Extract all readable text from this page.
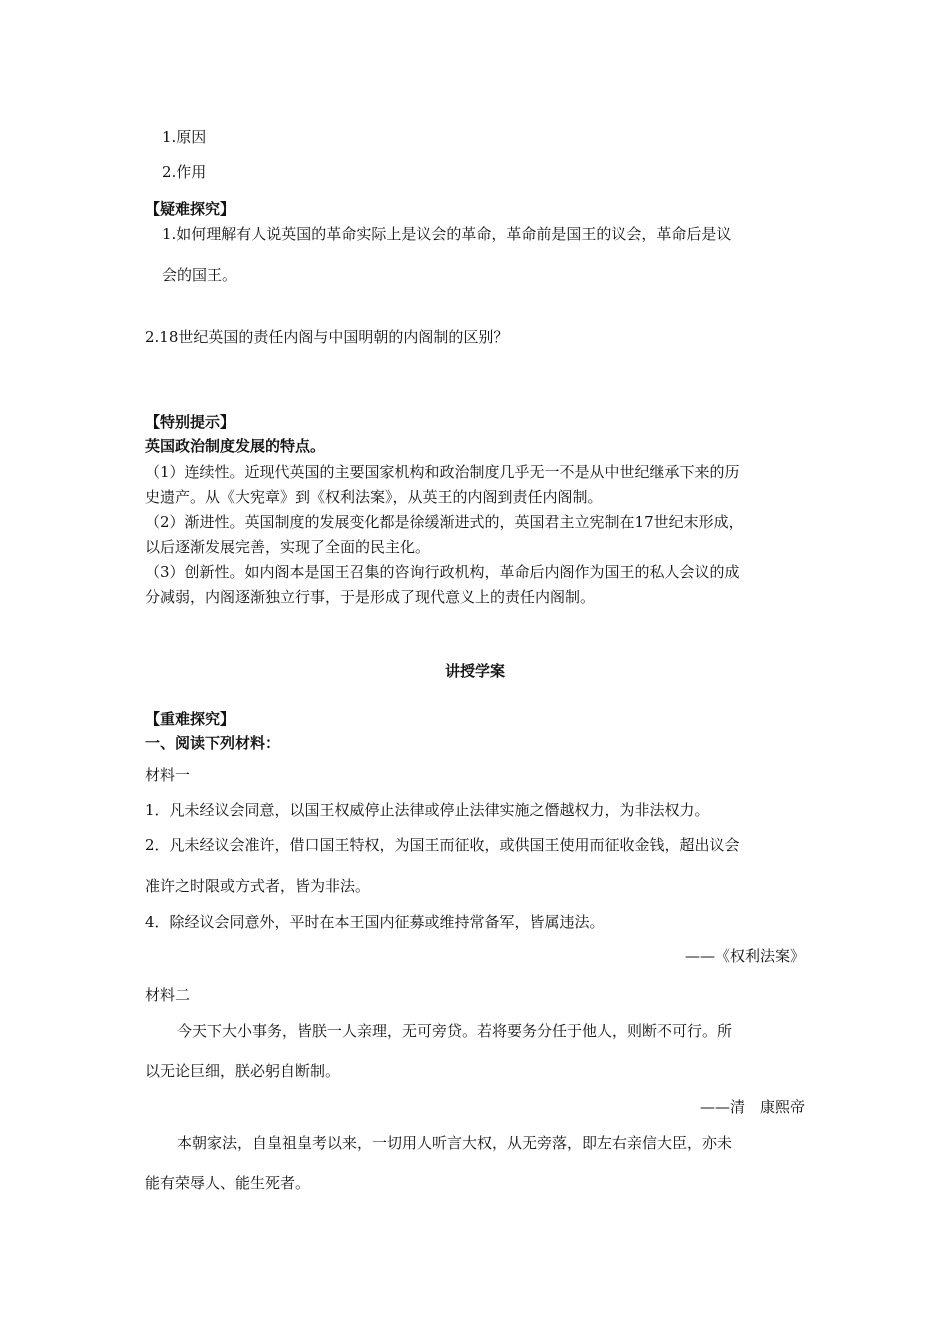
1.原因
2.作用
【疑难探究】
1.如何理解有人说英国的革命实际上是议会的革命，革命前是国王的议会，革命后是议
会的国王。
2.18世纪英国的责任内阁与中国明朝的内阁制的区别？
【特别提示】
英国政治制度发展的特点。
（1）连续性。近现代英国的主要国家机构和政治制度几乎无一不是从中世纪继承下来的历
史遗产。从《大宪章》到《权利法案》，从英王的内阁到责任内阁制。
（2）渐进性。英国制度的发展变化都是徐缓渐进式的，英国君主立宪制在17世纪末形成，
以后逐渐发展完善，实现了全面的民主化。
（3）创新性。如内阁本是国王召集的咨询行政机构，革命后内阁作为国王的私人会议的成
分减弱，内阁逐渐独立行事，于是形成了现代意义上的责任内阁制。
讲授学案
【重难探究】
一、阅读下列材料：
材料一
1．凡未经议会同意，以国王权威停止法律或停止法律实施之僭越权力，为非法权力。
2．凡未经议会准许，借口国王特权，为国王而征收，或供国王使用而征收金钱，超出议会
准许之时限或方式者，皆为非法。
4．除经议会同意外，平时在本王国内征募或维持常备军，皆属违法。
——《权利法案》
材料二
今天下大小事务，皆朕一人亲理，无可旁贷。若将要务分任于他人，则断不可行。所
以无论巨细，朕必躬自断制。
——清　康熙帝
本朝家法，自皇祖皇考以来，一切用人听言大权，从无旁落，即左右亲信大臣，亦未
能有荣辱人、能生死者。
